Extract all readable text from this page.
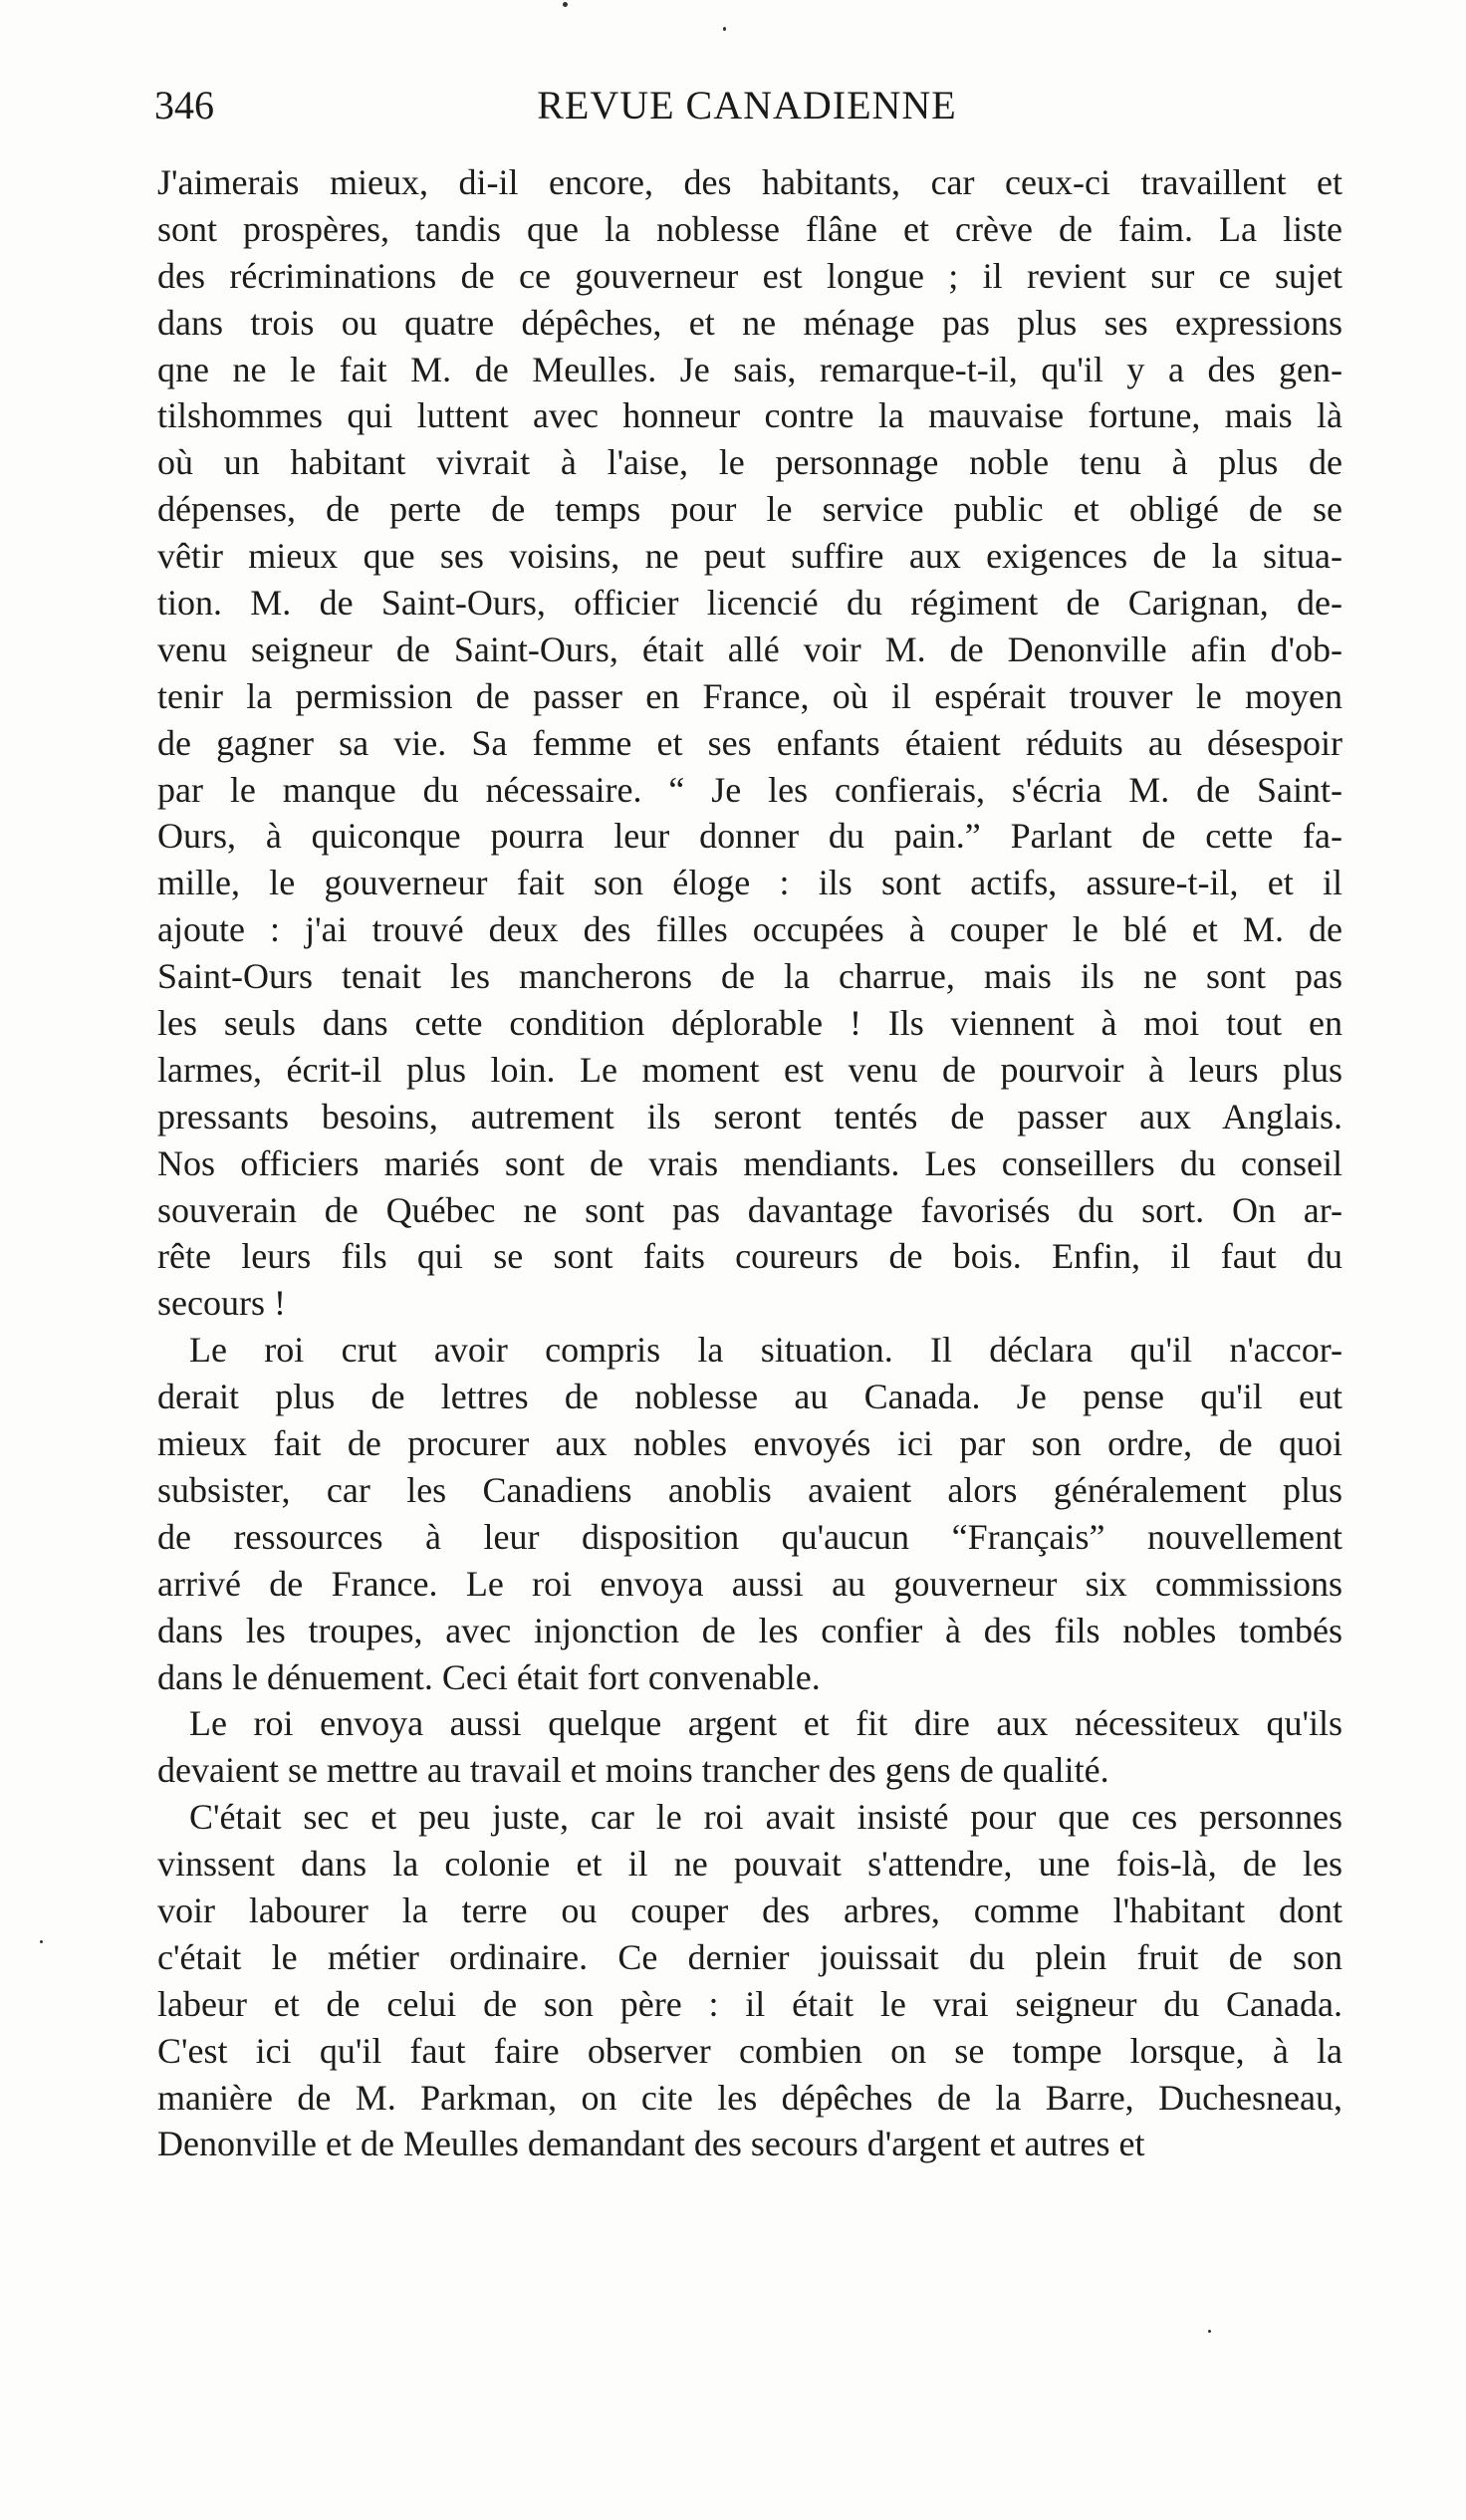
346	REVUE CANADIENNE
J'aimerais mieux, di-il encore, des habitants, car ceux-ci travaillent et
sont prospères, tandis que la noblesse flâne et crève de faim. La liste
des récriminations de ce gouverneur est longue ; il revient sur ce sujet
dans trois ou quatre dépêches, et ne ménage pas plus ses expressions
qne ne le fait M. de Meulles. Je sais, remarque-t-il, qu'il y a des gen-
tilshommes qui luttent avec honneur contre la mauvaise fortune, mais là
où un habitant vivrait à l'aise, le personnage noble tenu à plus de
dépenses, de perte de temps pour le service public et obligé de se
vêtir mieux que ses voisins, ne peut suffire aux exigences de la situa-
tion. M. de Saint-Ours, officier licencié du régiment de Carignan, de-
venu seigneur de Saint-Ours, était allé voir M. de Denonville afin d'ob-
tenir la permission de passer en France, où il espérait trouver le moyen
de gagner sa vie. Sa femme et ses enfants étaient réduits au désespoir
par le manque du nécessaire. “ Je les confierais, s'écria M. de Saint-
Ours, à quiconque pourra leur donner du pain.” Parlant de cette fa-
mille, le gouverneur fait son éloge : ils sont actifs, assure-t-il, et il
ajoute : j'ai trouvé deux des filles occupées à couper le blé et M. de
Saint-Ours tenait les mancherons de la charrue, mais ils ne sont pas
les seuls dans cette condition déplorable ! Ils viennent à moi tout en
larmes, écrit-il plus loin. Le moment est venu de pourvoir à leurs plus
pressants besoins, autrement ils seront tentés de passer aux Anglais.
Nos officiers mariés sont de vrais mendiants. Les conseillers du conseil
souverain de Québec ne sont pas davantage favorisés du sort. On ar-
rête leurs fils qui se sont faits coureurs de bois. Enfin, il faut du
secours !
Le roi crut avoir compris la situation. Il déclara qu'il n'accor-
derait plus de lettres de noblesse au Canada. Je pense qu'il eut
mieux fait de procurer aux nobles envoyés ici par son ordre, de quoi
subsister, car les Canadiens anoblis avaient alors généralement plus
de ressources à leur disposition qu'aucun “Français” nouvellement
arrivé de France. Le roi envoya aussi au gouverneur six commissions
dans les troupes, avec injonction de les confier à des fils nobles tombés
dans le dénuement. Ceci était fort convenable.
Le roi envoya aussi quelque argent et fit dire aux nécessiteux qu'ils
devaient se mettre au travail et moins trancher des gens de qualité.
C'était sec et peu juste, car le roi avait insisté pour que ces personnes
vinssent dans la colonie et il ne pouvait s'attendre, une fois-là, de les
voir labourer la terre ou couper des arbres, comme l'habitant dont
c'était le métier ordinaire. Ce dernier jouissait du plein fruit de son
labeur et de celui de son père : il était le vrai seigneur du Canada.
C'est ici qu'il faut faire observer combien on se tompe lorsque, à la
manière de M. Parkman, on cite les dépêches de la Barre, Duchesneau,
Denonville et de Meulles demandant des secours d'argent et autres et
